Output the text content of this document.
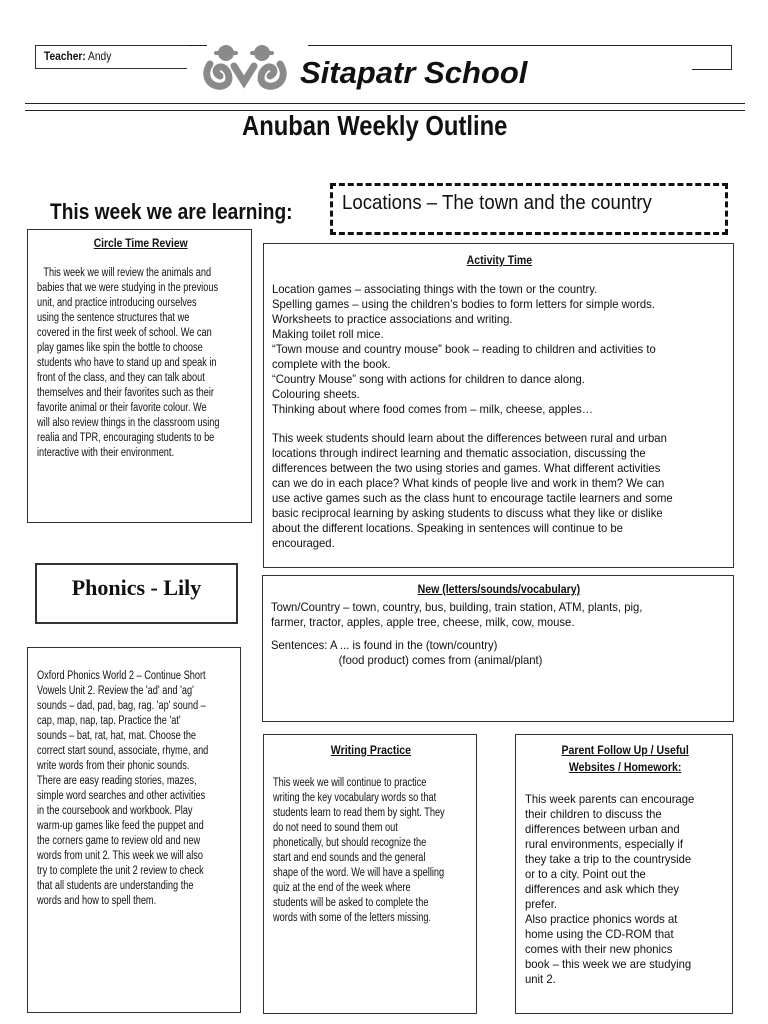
Teacher: Andy	Sitapatr School
Anuban Weekly Outline
This week we are learning: Locations – The town and the country
Circle Time Review
This week we will review the animals and
babies that we were studying in the previous
unit, and practice introducing ourselves
using the sentence structures that we
covered in the first week of school. We can
play games like spin the bottle to choose
students who have to stand up and speak in
front of the class, and they can talk about
themselves and their favorites such as their
favorite animal or their favorite colour. We
will also review things in the classroom using
realia and TPR, encouraging students to be
interactive with their environment.
Activity Time
Location games – associating things with the town or the country.
Spelling games – using the children’s bodies to form letters for simple words.
Worksheets to practice associations and writing.
Making toilet roll mice.
“Town mouse and country mouse” book – reading to children and activities to
complete with the book.
“Country Mouse” song with actions for children to dance along.
Colouring sheets.
Thinking about where food comes from – milk, cheese, apples…
This week students should learn about the differences between rural and urban
locations through indirect learning and thematic association, discussing the
differences between the two using stories and games. What different activities
can we do in each place? What kinds of people live and work in them? We can
use active games such as the class hunt to encourage tactile learners and some
basic reciprocal learning by asking students to discuss what they like or dislike
about the different locations. Speaking in sentences will continue to be
encouraged.
Phonics - Lily	New (letters/sounds/vocabulary)
Town/Country – town, country, bus, building, train station, ATM, plants, pig,
farmer, tractor, apples, apple tree, cheese, milk, cow, mouse.
Sentences: A ... is found in the (town/country)
(food product) comes from (animal/plant)
Oxford Phonics World 2 – Continue Short
Vowels Unit 2. Review the 'ad' and 'ag'
sounds – dad, pad, bag, rag. 'ap' sound –
cap, map, nap, tap. Practice the 'at'
sounds – bat, rat, hat, mat. Choose the
correct start sound, associate, rhyme, and
write words from their phonic sounds.
There are easy reading stories, mazes,
simple word searches and other activities
in the coursebook and workbook. Play
warm-up games like feed the puppet and
the corners game to review old and new
words from unit 2. This week we will also
try to complete the unit 2 review to check
that all students are understanding the
words and how to spell them.
Writing Practice
This week we will continue to practice
writing the key vocabulary words so that
students learn to read them by sight. They
do not need to sound them out
phonetically, but should recognize the
start and end sounds and the general
shape of the word. We will have a spelling
quiz at the end of the week where
students will be asked to complete the
words with some of the letters missing.
Parent Follow Up / Useful
Websites / Homework:
This week parents can encourage
their children to discuss the
differences between urban and
rural environments, especially if
they take a trip to the countryside
or to a city. Point out the
differences and ask which they
prefer.
Also practice phonics words at
home using the CD-ROM that
comes with their new phonics
book – this week we are studying
unit 2.
